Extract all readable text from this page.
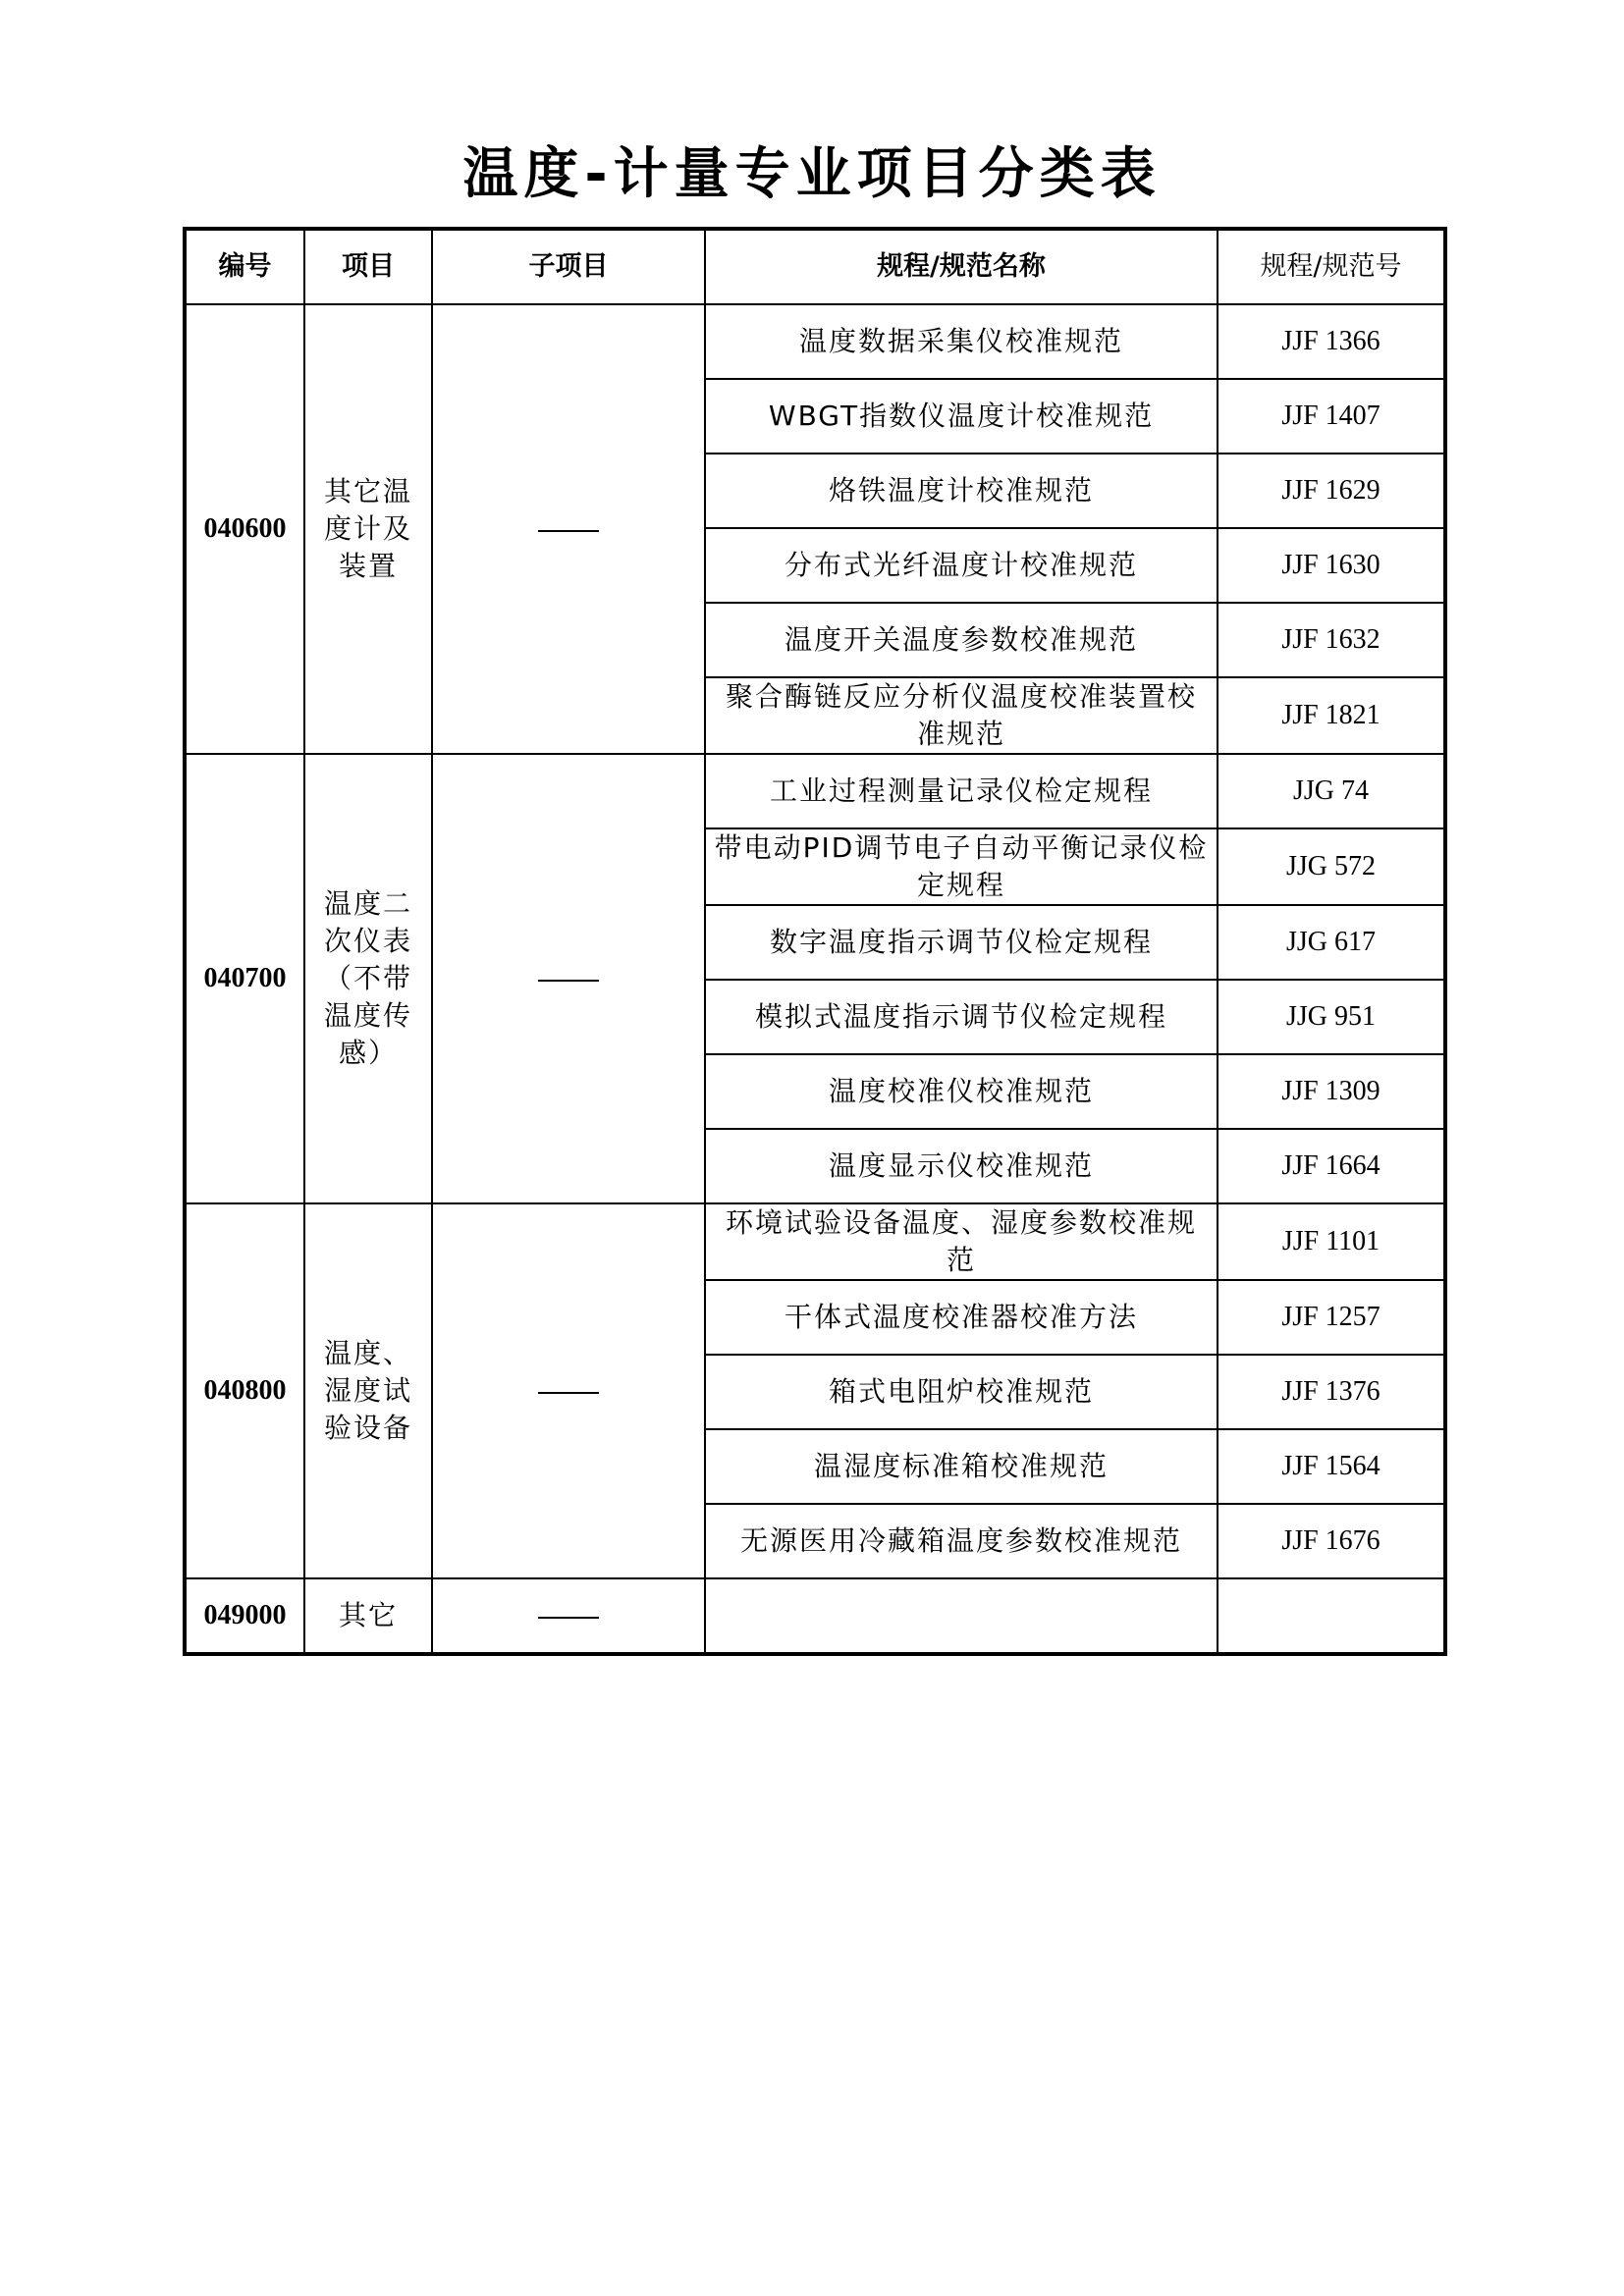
温度-计量专业项目分类表
编号	项目	子项目	规程/规范名称	规程/规范号
040600	其它温度计及装置		温度数据采集仪校准规范	JJF 1366
			WBGT指数仪温度计校准规范	JJF 1407
			烙铁温度计校准规范	JJF 1629
			分布式光纤温度计校准规范	JJF 1630
			温度开关温度参数校准规范	JJF 1632
			聚合酶链反应分析仪温度校准装置校准规范	JJF 1821
040700	温度二次仪表（不带温度传感）		工业过程测量记录仪检定规程	JJG 74
			带电动PID调节电子自动平衡记录仪检定规程	JJG 572
			数字温度指示调节仪检定规程	JJG 617
			模拟式温度指示调节仪检定规程	JJG 951
			温度校准仪校准规范	JJF 1309
			温度显示仪校准规范	JJF 1664
040800	温度、湿度试验设备		环境试验设备温度、湿度参数校准规范	JJF 1101
			干体式温度校准器校准方法	JJF 1257
			箱式电阻炉校准规范	JJF 1376
			温湿度标准箱校准规范	JJF 1564
			无源医用冷藏箱温度参数校准规范	JJF 1676
049000	其它			
